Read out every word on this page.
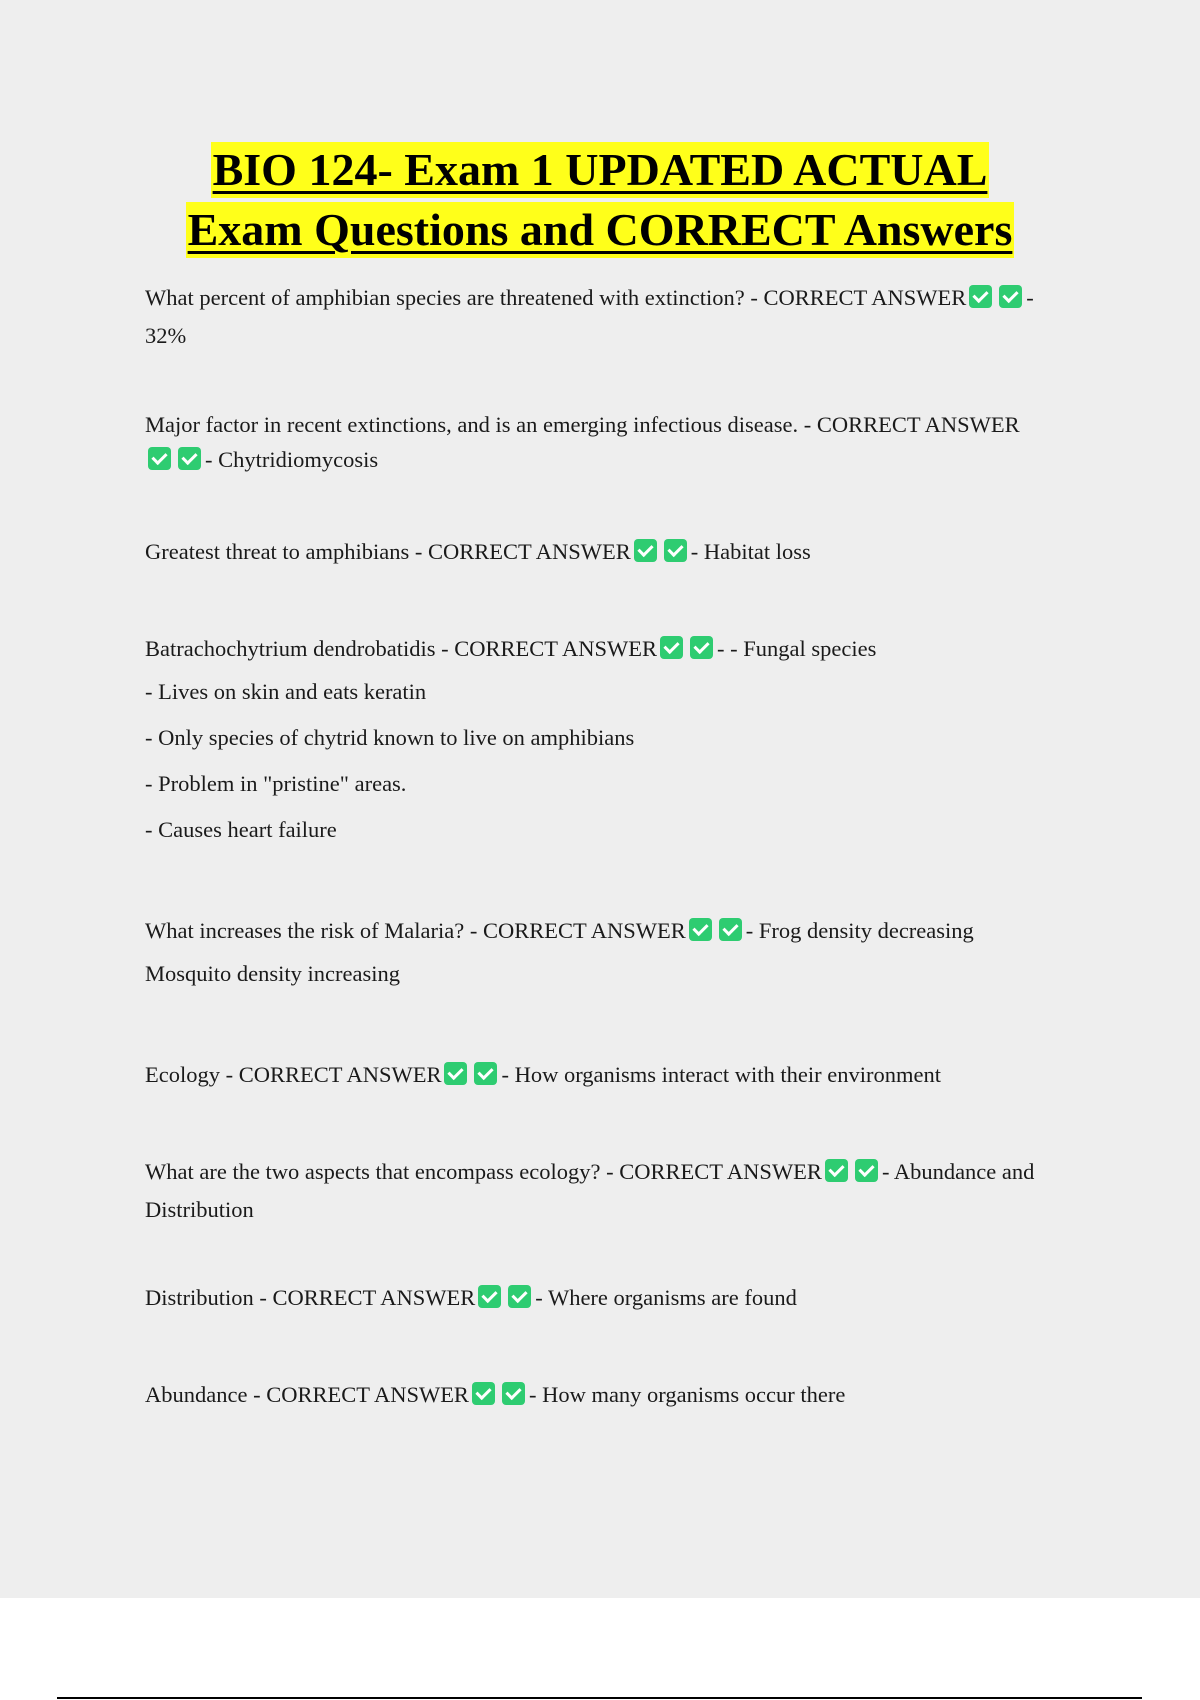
BIO 124- Exam 1 UPDATED ACTUAL
Exam Questions and CORRECT Answers
What percent of amphibian species are threatened with extinction? - CORRECT ANSWER	- 32%
Major factor in recent extinctions, and is an emerging infectious disease. - CORRECT ANSWER- Chytridiomycosis
Greatest threat to amphibians - CORRECT ANSWER	- Habitat loss
Batrachochytrium dendrobatidis - CORRECT ANSWER	- - Fungal species
- Lives on skin and eats keratin
- Only species of chytrid known to live on amphibians
- Problem in "pristine" areas.
- Causes heart failure
What increases the risk of Malaria? - CORRECT ANSWER	- Frog density decreasing
Mosquito density increasing
Ecology - CORRECT ANSWER	- How organisms interact with their environment
What are the two aspects that encompass ecology? - CORRECT ANSWER	- Abundance and Distribution
Distribution - CORRECT ANSWER	- Where organisms are found
Abundance - CORRECT ANSWER	- How many organisms occur there
